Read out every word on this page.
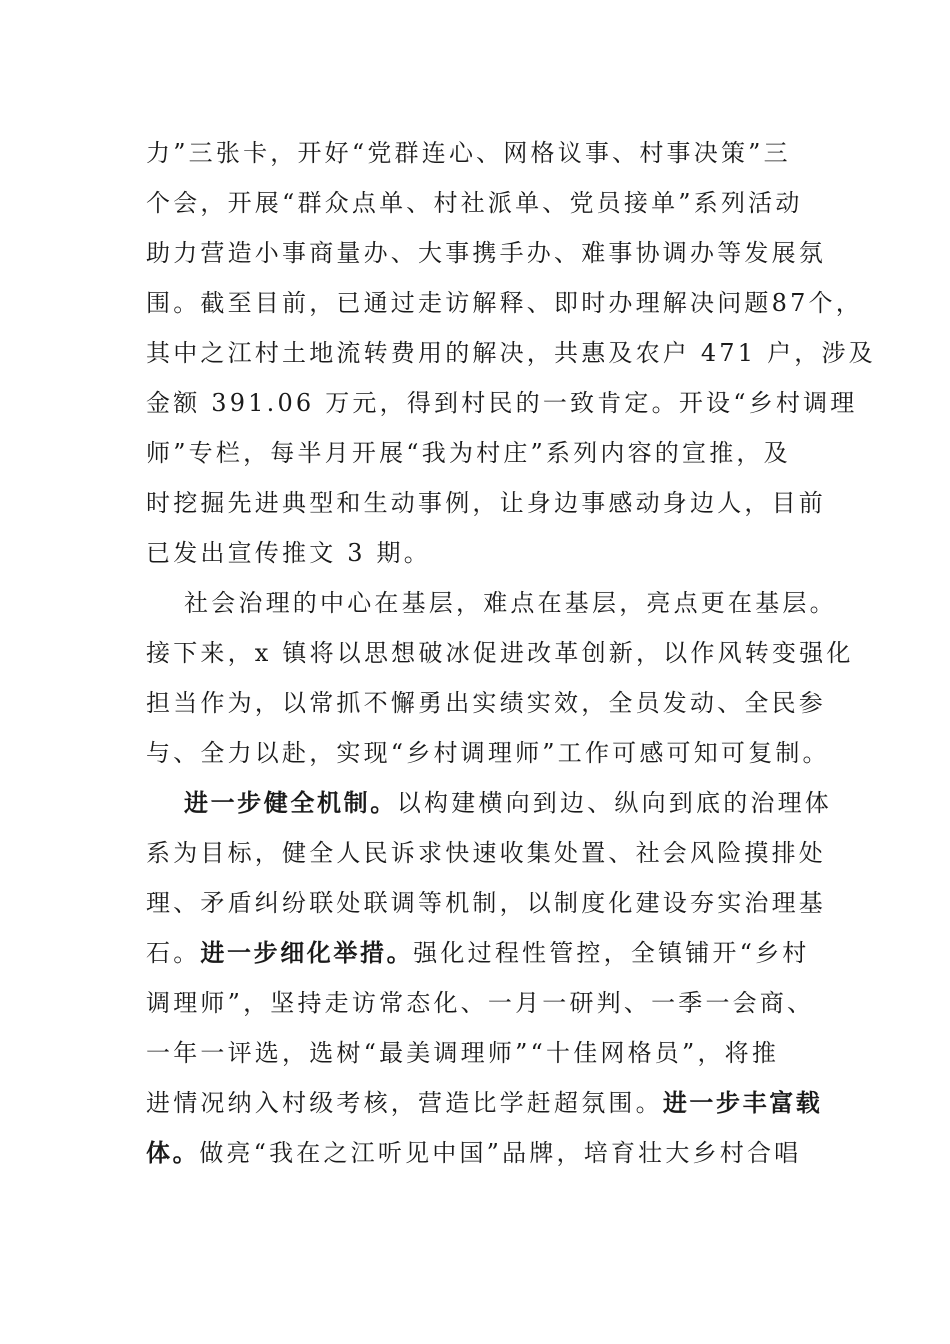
力”三张卡，开好“党群连心、网格议事、村事决策”三
个会，开展“群众点单、村社派单、党员接单”系列活动
助力营造小事商量办、大事携手办、难事协调办等发展氛
围。截至目前，已通过走访解释、即时办理解决问题87个，
其中之江村土地流转费用的解决，共惠及农户 471 户，涉及
金额 391.06 万元，得到村民的一致肯定。开设“乡村调理
师”专栏，每半月开展“我为村庄”系列内容的宣推，及
时挖掘先进典型和生动事例，让身边事感动身边人，目前
已发出宣传推文 3 期。
社会治理的中心在基层，难点在基层，亮点更在基层。
接下来，x 镇将以思想破冰促进改革创新，以作风转变强化
担当作为，以常抓不懈勇出实绩实效，全员发动、全民参
与、全力以赴，实现“乡村调理师”工作可感可知可复制。
进一步健全机制。以构建横向到边、纵向到底的治理体
系为目标，健全人民诉求快速收集处置、社会风险摸排处
理、矛盾纠纷联处联调等机制，以制度化建设夯实治理基
石。进一步细化举措。强化过程性管控，全镇铺开“乡村
调理师”，坚持走访常态化、一月一研判、一季一会商、
一年一评选，选树“最美调理师”“十佳网格员”，将推
进情况纳入村级考核，营造比学赶超氛围。进一步丰富载
体。做亮“我在之江听见中国”品牌，培育壮大乡村合唱
